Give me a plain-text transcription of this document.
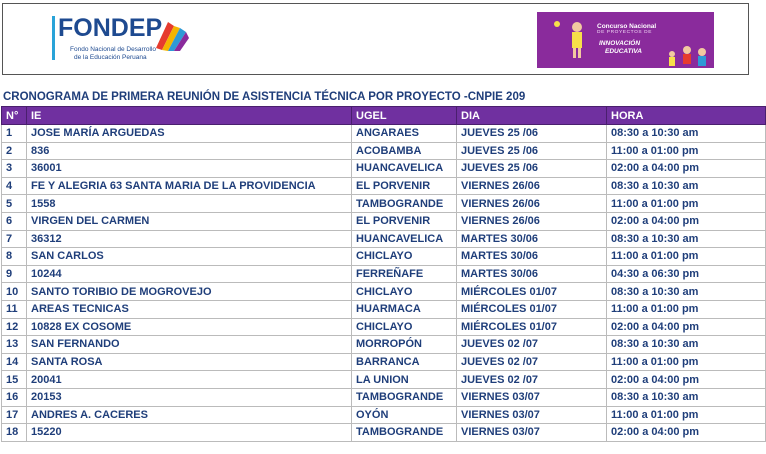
FONDEP
Fondo Nacional de Desarrollo
de la Educación Peruana
Concurso Nacional
DE PROYECTOS DE
INNOVACIÓN
EDUCATIVA
CRONOGRAMA DE PRIMERA REUNIÓN DE ASISTENCIA TÉCNICA POR PROYECTO -CNPIE 209
N°	IE	UGEL	DIA	HORA
1	JOSE MARÍA ARGUEDAS	ANGARAES	JUEVES 25 /06	08:30 a 10:30 am
2	836	ACOBAMBA	JUEVES 25 /06	11:00 a 01:00 pm
3	36001	HUANCAVELICA	JUEVES 25 /06	02:00 a 04:00 pm
4	FE Y ALEGRIA 63 SANTA MARIA DE LA PROVIDENCIA	EL PORVENIR	VIERNES 26/06	08:30 a 10:30 am
5	1558	TAMBOGRANDE	VIERNES 26/06	11:00 a 01:00 pm
6	VIRGEN DEL CARMEN	EL PORVENIR	VIERNES 26/06	02:00 a 04:00 pm
7	36312	HUANCAVELICA	MARTES 30/06	08:30 a 10:30 am
8	SAN CARLOS	CHICLAYO	MARTES 30/06	11:00 a 01:00 pm
9	10244	FERREÑAFE	MARTES 30/06	04:30 a 06:30 pm
10	SANTO TORIBIO DE MOGROVEJO	CHICLAYO	MIÉRCOLES 01/07	08:30 a 10:30 am
11	AREAS TECNICAS	HUARMACA	MIÉRCOLES 01/07	11:00 a 01:00 pm
12	10828 EX COSOME	CHICLAYO	MIÉRCOLES 01/07	02:00 a 04:00 pm
13	SAN FERNANDO	MORROPÓN	JUEVES 02 /07	08:30 a 10:30 am
14	SANTA ROSA	BARRANCA	JUEVES 02 /07	11:00 a 01:00 pm
15	20041	LA UNION	JUEVES 02 /07	02:00 a 04:00 pm
16	20153	TAMBOGRANDE	VIERNES 03/07	08:30 a 10:30 am
17	ANDRES A. CACERES	OYÓN	VIERNES 03/07	11:00 a 01:00 pm
18	15220	TAMBOGRANDE	VIERNES 03/07	02:00 a 04:00 pm
